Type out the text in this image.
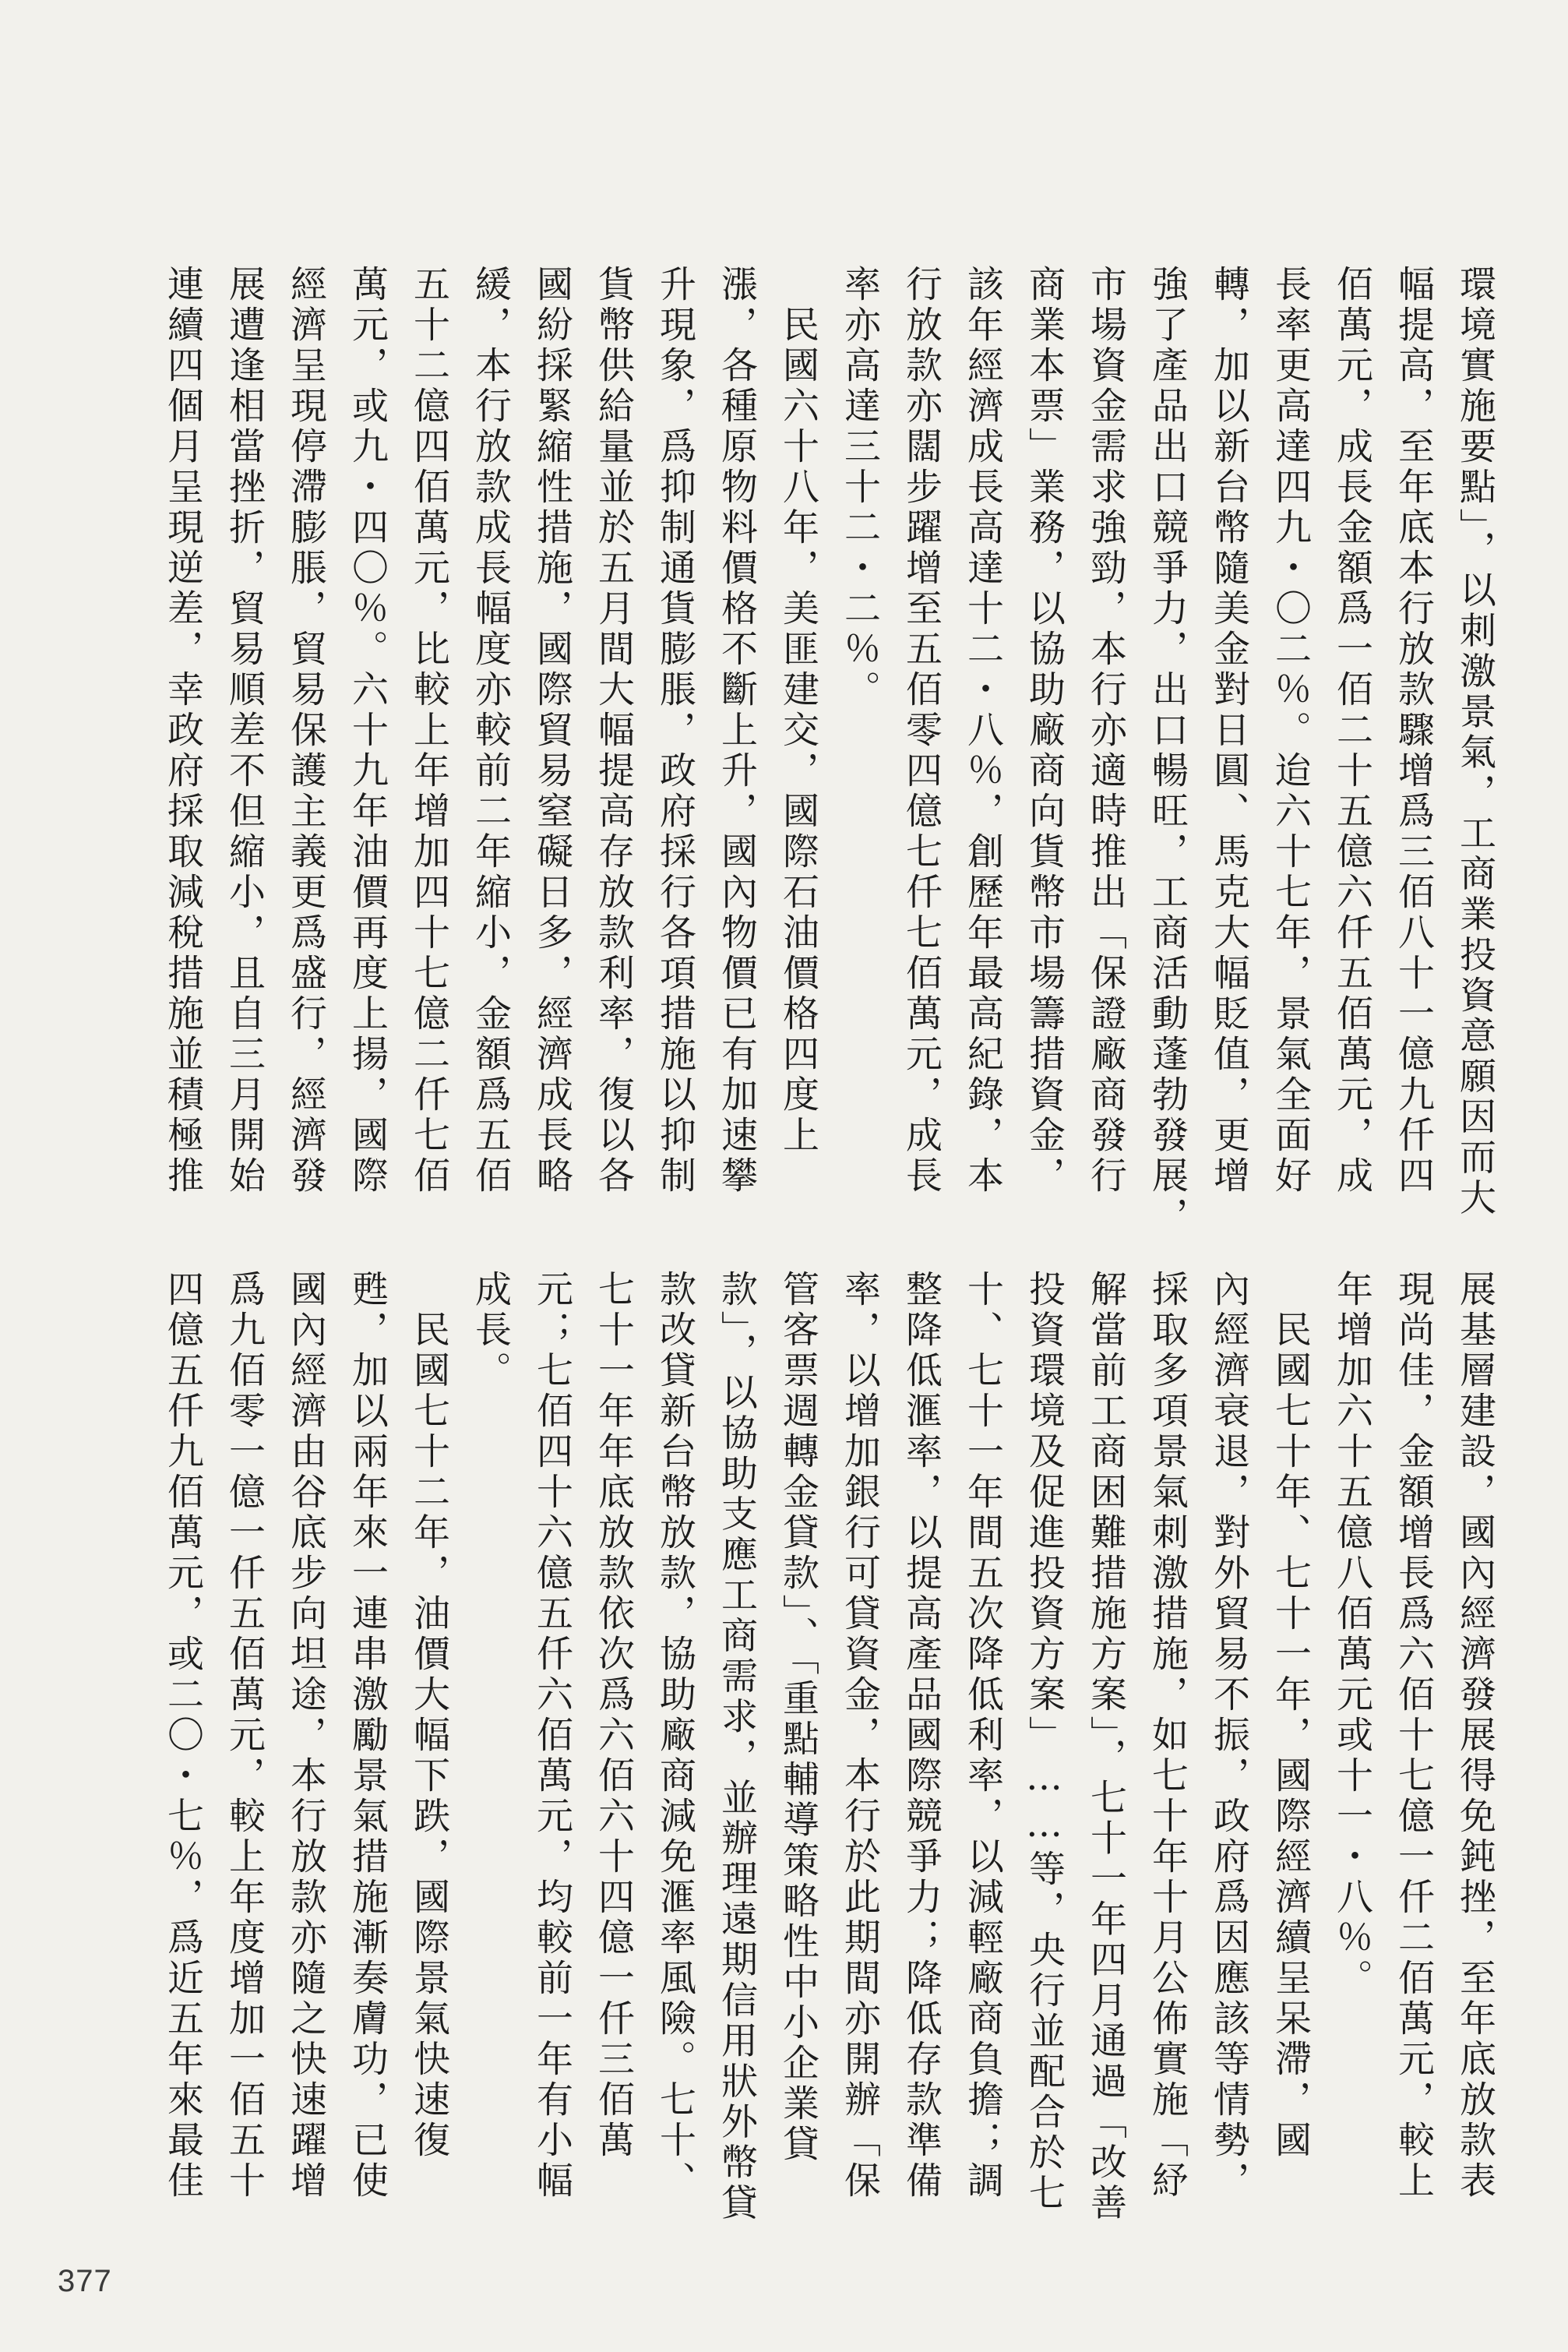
環境實施要點」，以刺激景氣，工商業投資意願因而大
幅提高，至年底本行放款驟增爲三佰八十一億九仟四
佰萬元，成長金額爲一佰二十五億六仟五佰萬元，成
長率更高達四九・〇二％。迨六十七年，景氣全面好
轉，加以新台幣隨美金對日圓、馬克大幅貶值，更增
強了產品出口競爭力，出口暢旺，工商活動蓬勃發展，
市場資金需求強勁，本行亦適時推出「保證廠商發行
商業本票」業務，以協助廠商向貨幣市場籌措資金，
該年經濟成長高達十二・八％，創歷年最高紀錄，本
行放款亦闊步躍增至五佰零四億七仟七佰萬元，成長
率亦高達三十二・二％。
　民國六十八年，美匪建交，國際石油價格四度上
漲，各種原物料價格不斷上升，國內物價已有加速攀
升現象，爲抑制通貨膨脹，政府採行各項措施以抑制
貨幣供給量並於五月間大幅提高存放款利率，復以各
國紛採緊縮性措施，國際貿易窒礙日多，經濟成長略
緩，本行放款成長幅度亦較前二年縮小，金額爲五佰
五十二億四佰萬元，比較上年增加四十七億二仟七佰
萬元，或九・四〇％。六十九年油價再度上揚，國際
經濟呈現停滯膨脹，貿易保護主義更爲盛行，經濟發
展遭逢相當挫折，貿易順差不但縮小，且自三月開始
連續四個月呈現逆差，幸政府採取減稅措施並積極推
展基層建設，國內經濟發展得免鈍挫，至年底放款表
現尚佳，金額增長爲六佰十七億一仟二佰萬元，較上
年增加六十五億八佰萬元或十一・八％。
　民國七十年、七十一年，國際經濟續呈呆滯，國
內經濟衰退，對外貿易不振，政府爲因應該等情勢，
採取多項景氣刺激措施，如七十年十月公佈實施「紓
解當前工商困難措施方案」，七十一年四月通過「改善
投資環境及促進投資方案」……等，央行並配合於七
十、七十一年間五次降低利率，以減輕廠商負擔；調
整降低滙率，以提高產品國際競爭力；降低存款準備
率，以增加銀行可貸資金，本行於此期間亦開辦「保
管客票週轉金貸款」、「重點輔導策略性中小企業貸
款」，以協助支應工商需求，並辦理遠期信用狀外幣貸
款改貸新台幣放款，協助廠商減免滙率風險。七十、
七十一年年底放款依次爲六佰六十四億一仟三佰萬
元；七佰四十六億五仟六佰萬元，均較前一年有小幅
成長。
　民國七十二年，油價大幅下跌，國際景氣快速復
甦，加以兩年來一連串激勵景氣措施漸奏膚功，已使
國內經濟由谷底步向坦途，本行放款亦隨之快速躍增
爲九佰零一億一仟五佰萬元，較上年度增加一佰五十
四億五仟九佰萬元，或二〇・七％，爲近五年來最佳
377
